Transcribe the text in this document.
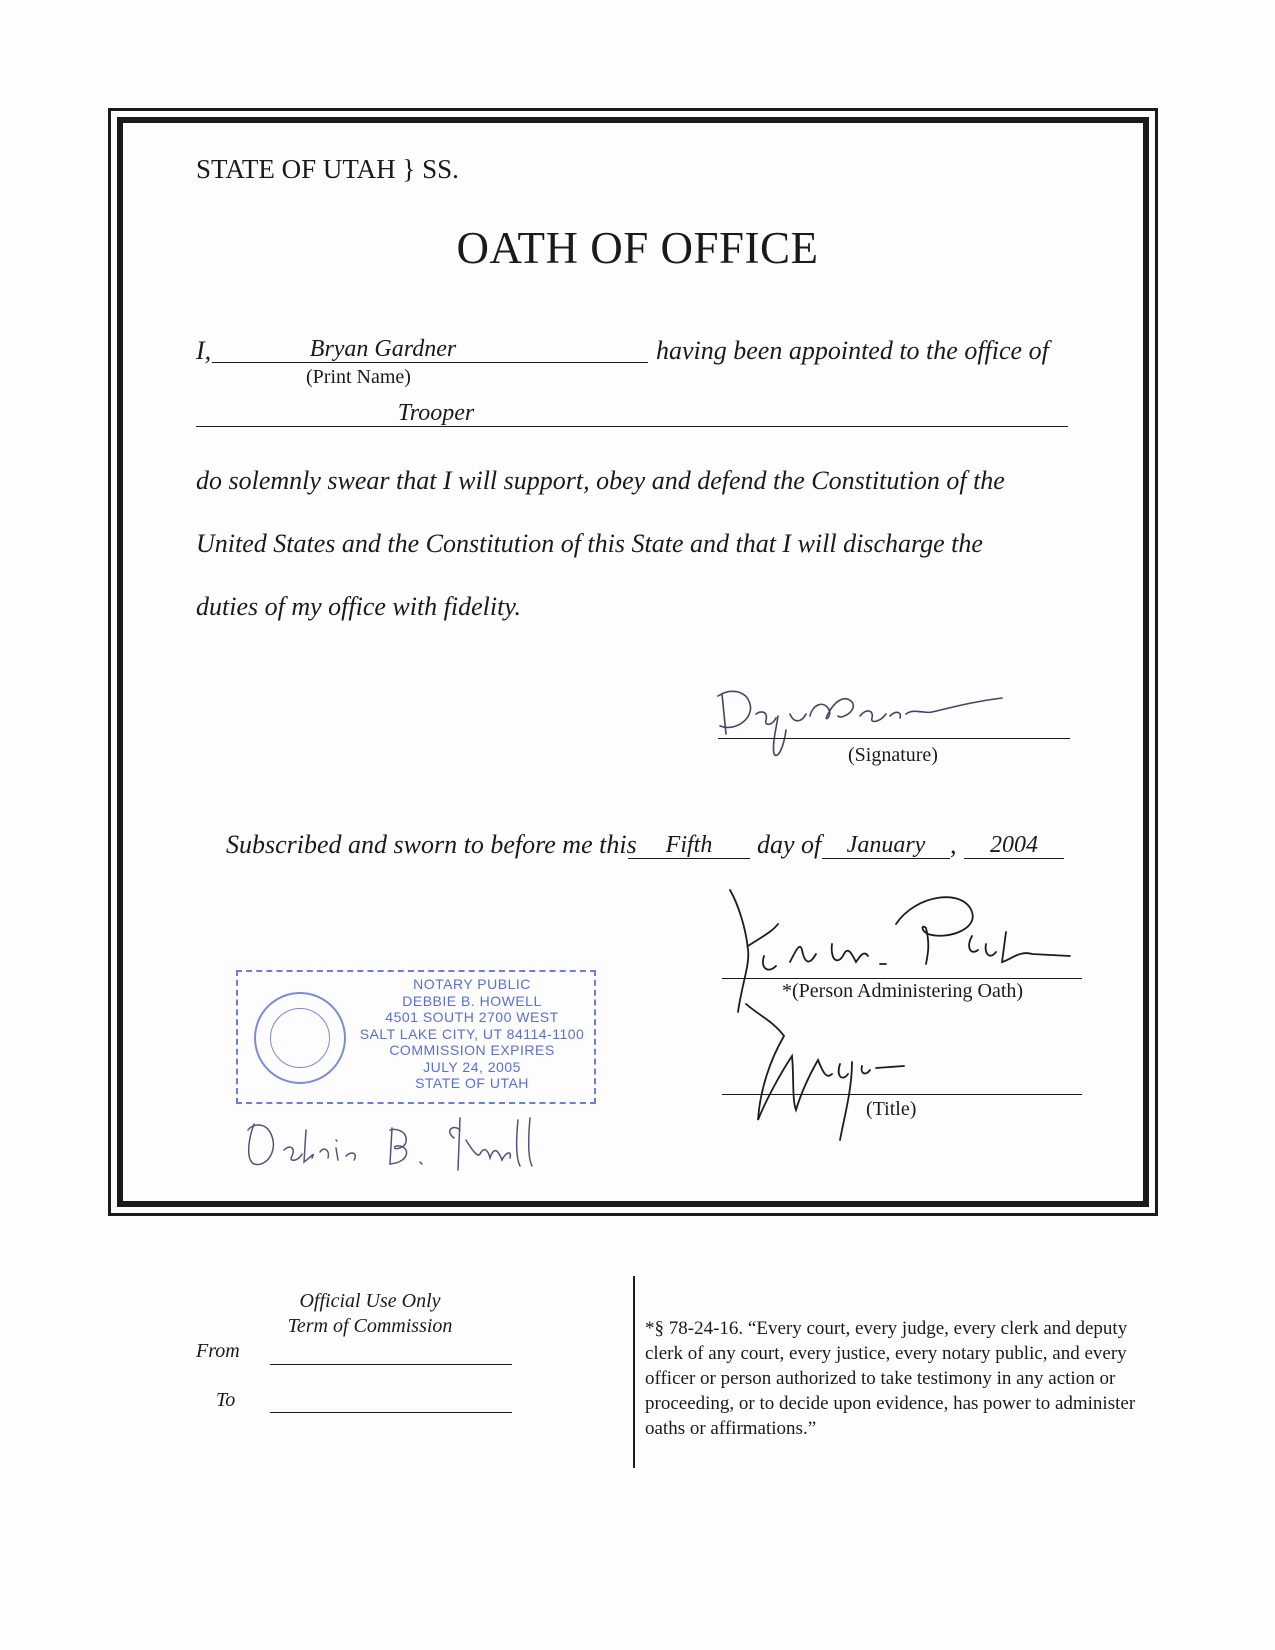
STATE OF UTAH } SS.
OATH OF OFFICE
I,	Bryan Gardner
(Print Name)
having been appointed to the office of
Trooper
do solemnly swear that I will support, obey and defend the Constitution of the
United States and the Constitution of this State and that I will discharge the
duties of my office with fidelity.
(Signature)
Subscribed and sworn to before me this	Fifth	day of	January ,	2004
*(Person Administering Oath)
(Title)
NOTARY PUBLIC
DEBBIE B. HOWELL
4501 SOUTH 2700 WEST
SALT LAKE CITY, UT 84114-1100
COMMISSION EXPIRES
JULY 24, 2005
STATE OF UTAH
Official Use Only
Term of Commission
From
To
*§ 78-24-16. “Every court, every judge, every clerk and deputy clerk of any court, every justice, every notary public, and every officer or person authorized to take testimony in any action or proceeding, or to decide upon evidence, has power to administer oaths or affirmations.”
